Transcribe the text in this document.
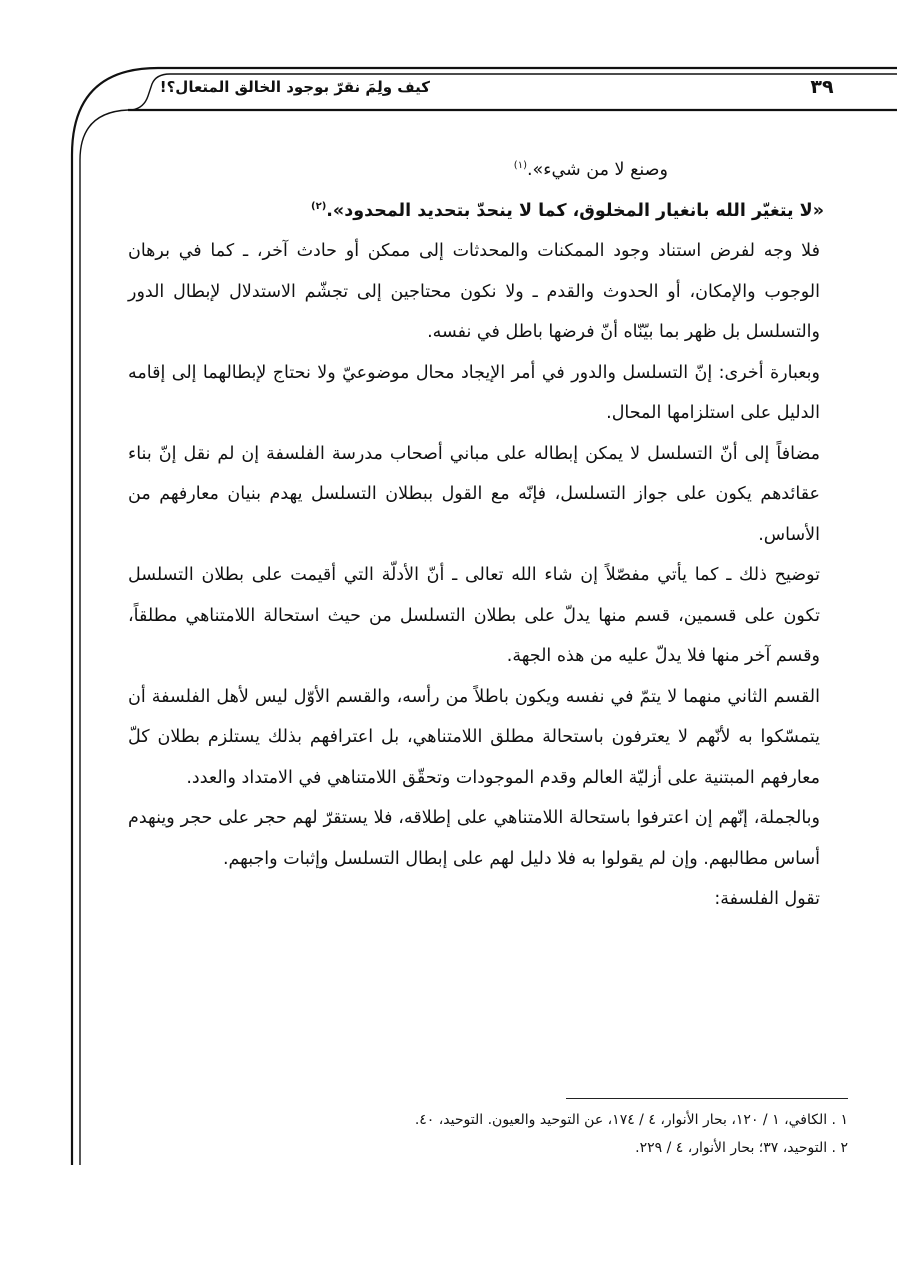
كيف ولِمَ نقرّ بوجود الخالق المتعال؟!	٣٩

وصنع لا من شيء».$^{(١)}$

«لا يتغيّر الله بانغيار المخلوق، كما لا ينحدّ بتحديد المحدود».$^{(٢)}$

فلا وجه لفرض استناد وجود الممكنات والمحدثات إلى ممكن أو حادث آخر، ـ كما في برهان الوجوب والإمكان، أو الحدوث والقدم ـ ولا نكون محتاجين إلى تجشّم الاستدلال لإبطال الدور والتسلسل بل ظهر بما بيّنّاه أنّ فرضها باطل في نفسه.

وبعبارة أخرى: إنّ التسلسل والدور في أمر الإيجاد محال موضوعيّ ولا نحتاج لإبطالهما إلى إقامه الدليل على استلزامها المحال.

مضافاً إلى أنّ التسلسل لا يمكن إبطاله على مباني أصحاب مدرسة الفلسفة إن لم نقل إنّ بناء عقائدهم يكون على جواز التسلسل، فإنّه مع القول ببطلان التسلسل يهدم بنيان معارفهم من الأساس.

توضيح ذلك ـ كما يأتي مفصّلاً إن شاء الله تعالى ـ أنّ الأدلّة التي أقيمت على بطلان التسلسل تكون على قسمين، قسم منها يدلّ على بطلان التسلسل من حيث استحالة اللامتناهي مطلقاً، وقسم آخر منها فلا يدلّ عليه من هذه الجهة.

القسم الثاني منهما لا يتمّ في نفسه ويكون باطلاً من رأسه، والقسم الأوّل ليس لأهل الفلسفة أن يتمسّكوا به لأنّهم لا يعترفون باستحالة مطلق اللامتناهي، بل اعترافهم بذلك يستلزم بطلان كلّ معارفهم المبتنية على أزليّة العالم وقدم الموجودات وتحقّق اللامتناهي في الامتداد والعدد.

وبالجملة، إنّهم إن اعترفوا باستحالة اللامتناهي على إطلاقه، فلا يستقرّ لهم حجر على حجر وينهدم أساس مطالبهم. وإن لم يقولوا به فلا دليل لهم على إبطال التسلسل وإثبات واجبهم.

تقول الفلسفة:

١ . الكافي، ١ / ١٢٠، بحار الأنوار، ٤ / ١٧٤، عن التوحيد والعيون. التوحيد، ٤٠.
٢ . التوحيد، ٣٧؛ بحار الأنوار، ٤ / ٢٢٩.
